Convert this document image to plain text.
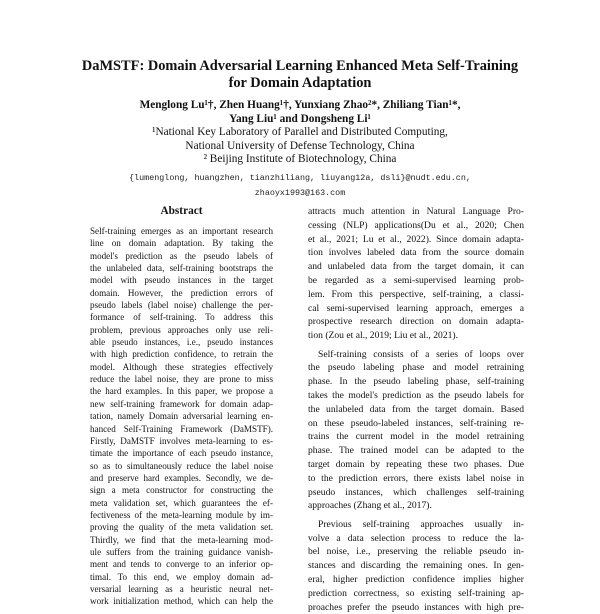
DaMSTF: Domain Adversarial Learning Enhanced Meta Self-Training
for Domain Adaptation
Menglong Lu¹†, Zhen Huang¹†, Yunxiang Zhao²*, Zhiliang Tian¹*,
Yang Liu¹ and Dongsheng Li¹
¹National Key Laboratory of Parallel and Distributed Computing,
National University of Defense Technology, China
² Beijing Institute of Biotechnology, China
{lumenglong, huangzhen, tianzhiliang, liuyang12a, dsli}@nudt.edu.cn,
zhaoyx1993@163.com
Abstract
Self-training emerges as an important research
line on domain adaptation. By taking the
model's prediction as the pseudo labels of
the unlabeled data, self-training bootstraps the
model with pseudo instances in the target
domain. However, the prediction errors of
pseudo labels (label noise) challenge the per-
formance of self-training. To address this
problem, previous approaches only use reli-
able pseudo instances, i.e., pseudo instances
with high prediction confidence, to retrain the
model. Although these strategies effectively
reduce the label noise, they are prone to miss
the hard examples. In this paper, we propose a
new self-training framework for domain adap-
tation, namely Domain adversarial learning en-
hanced Self-Training Framework (DaMSTF).
Firstly, DaMSTF involves meta-learning to es-
timate the importance of each pseudo instance,
so as to simultaneously reduce the label noise
and preserve hard examples. Secondly, we de-
sign a meta constructor for constructing the
meta validation set, which guarantees the ef-
fectiveness of the meta-learning module by im-
proving the quality of the meta validation set.
Thirdly, we find that the meta-learning mod-
ule suffers from the training guidance vanish-
ment and tends to converge to an inferior op-
timal. To this end, we employ domain ad-
versarial learning as a heuristic neural net-
work initialization method, which can help the
attracts much attention in Natural Language Pro-
cessing (NLP) applications(Du et al., 2020; Chen
et al., 2021; Lu et al., 2022). Since domain adapta-
tion involves labeled data from the source domain
and unlabeled data from the target domain, it can
be regarded as a semi-supervised learning prob-
lem. From this perspective, self-training, a classi-
cal semi-supervised learning approach, emerges a
prospective research direction on domain adapta-
tion (Zou et al., 2019; Liu et al., 2021).
Self-training consists of a series of loops over
the pseudo labeling phase and model retraining
phase. In the pseudo labeling phase, self-training
takes the model's prediction as the pseudo labels for
the unlabeled data from the target domain. Based
on these pseudo-labeled instances, self-training re-
trains the current model in the model retraining
phase. The trained model can be adapted to the
target domain by repeating these two phases. Due
to the prediction errors, there exists label noise in
pseudo instances, which challenges self-training
approaches (Zhang et al., 2017).
Previous self-training approaches usually in-
volve a data selection process to reduce the la-
bel noise, i.e., preserving the reliable pseudo in-
stances and discarding the remaining ones. In gen-
eral, higher prediction confidence implies higher
prediction correctness, so existing self-training ap-
proaches prefer the pseudo instances with high pre-
